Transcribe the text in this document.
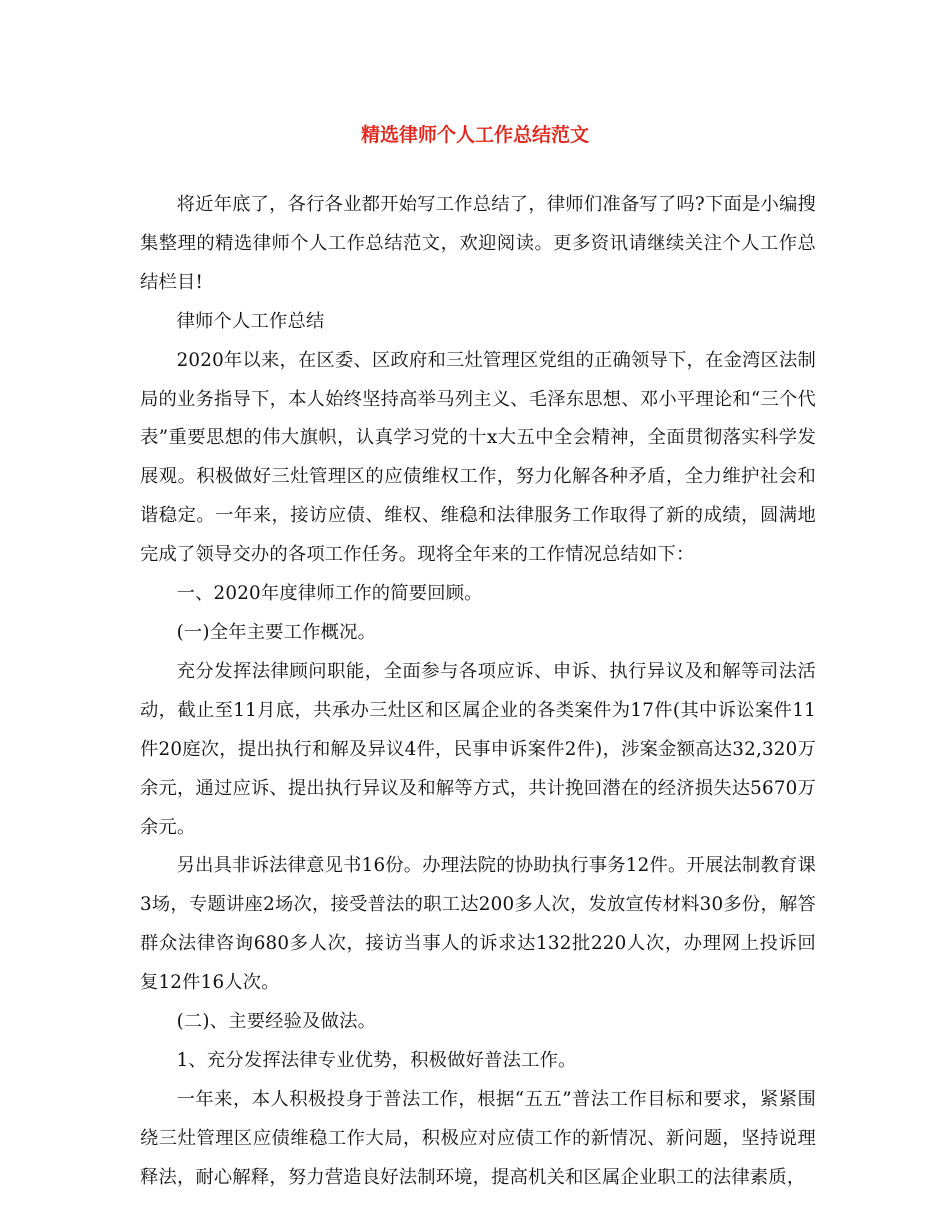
精选律师个人工作总结范文

将近年底了，各行各业都开始写工作总结了，律师们准备写了吗?下面是小编搜集整理的精选律师个人工作总结范文，欢迎阅读。更多资讯请继续关注个人工作总结栏目!

律师个人工作总结

2020年以来，在区委、区政府和三灶管理区党组的正确领导下，在金湾区法制局的业务指导下，本人始终坚持高举马列主义、毛泽东思想、邓小平理论和“三个代表”重要思想的伟大旗帜，认真学习党的十x大五中全会精神，全面贯彻落实科学发展观。积极做好三灶管理区的应债维权工作，努力化解各种矛盾，全力维护社会和谐稳定。一年来，接访应债、维权、维稳和法律服务工作取得了新的成绩，圆满地完成了领导交办的各项工作任务。现将全年来的工作情况总结如下：

一、2020年度律师工作的简要回顾。

(一)全年主要工作概况。

充分发挥法律顾问职能，全面参与各项应诉、申诉、执行异议及和解等司法活动，截止至11月底，共承办三灶区和区属企业的各类案件为17件(其中诉讼案件11件20庭次，提出执行和解及异议4件，民事申诉案件2件)，涉案金额高达32,320万余元，通过应诉、提出执行异议及和解等方式，共计挽回潜在的经济损失达5670万余元。

另出具非诉法律意见书16份。办理法院的协助执行事务12件。开展法制教育课3场，专题讲座2场次，接受普法的职工达200多人次，发放宣传材料30多份，解答群众法律咨询680多人次，接访当事人的诉求达132批220人次，办理网上投诉回复12件16人次。

(二)、主要经验及做法。

1、充分发挥法律专业优势，积极做好普法工作。

一年来，本人积极投身于普法工作，根据“五五”普法工作目标和要求，紧紧围绕三灶管理区应债维稳工作大局，积极应对应债工作的新情况、新问题，坚持说理释法，耐心解释，努力营造良好法制环境，提高机关和区属企业职工的法律素质，
